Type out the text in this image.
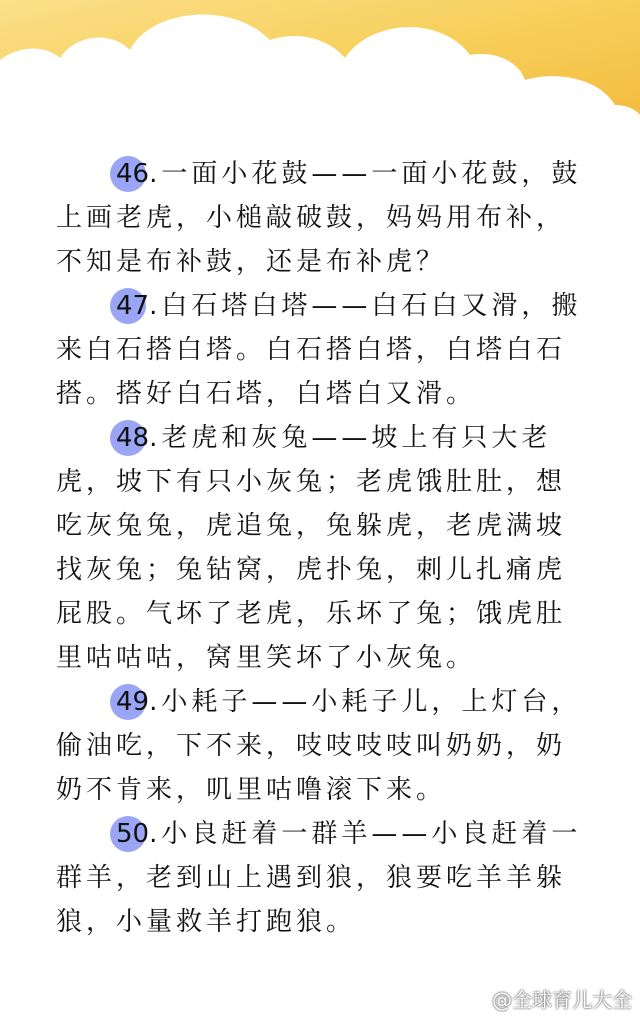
46.一面小花鼓——一面小花鼓，鼓上画老虎，小槌敲破鼓，妈妈用布补，不知是布补鼓，还是布补虎？

47.白石塔白塔——白石白又滑，搬来白石搭白塔。白石搭白塔，白塔白石搭。搭好白石塔，白塔白又滑。

48.老虎和灰兔——坡上有只大老虎，坡下有只小灰兔；老虎饿肚肚，想吃灰兔兔，虎追兔，兔躲虎，老虎满坡找灰兔；兔钻窝，虎扑兔，刺儿扎痛虎屁股。气坏了老虎，乐坏了兔；饿虎肚里咕咕咕，窝里笑坏了小灰兔。

49.小耗子——小耗子儿，上灯台，偷油吃，下不来，吱吱吱吱叫奶奶，奶奶不肯来，叽里咕噜滚下来。

50.小良赶着一群羊——小良赶着一群羊，老到山上遇到狼，狼要吃羊羊躲狼，小量救羊打跑狼。

@全球育儿大全
